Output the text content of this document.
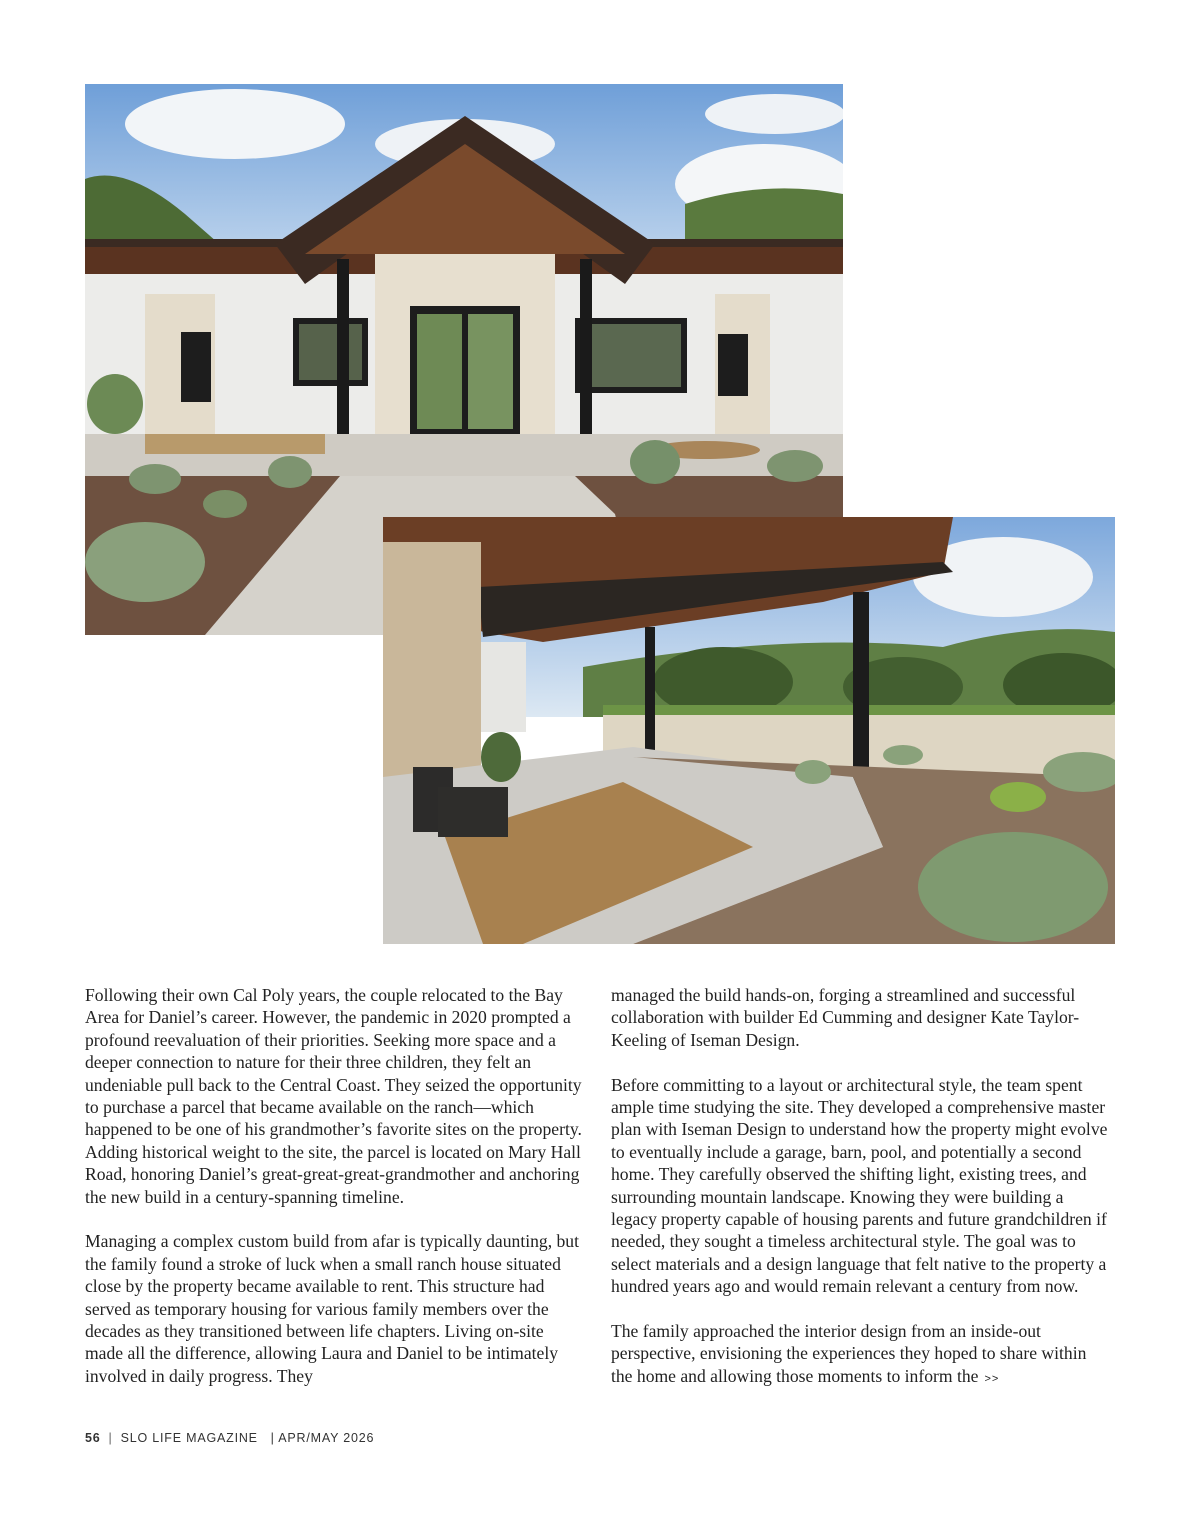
Following their own Cal Poly years, the couple relocated to the Bay Area for Daniel’s career. However, the pandemic in 2020 prompted a profound reevaluation of their priorities. Seeking more space and a deeper connection to nature for their three children, they felt an undeniable pull back to the Central Coast. They seized the opportunity to purchase a parcel that became available on the ranch—which happened to be one of his grandmother’s favorite sites on the property. Adding historical weight to the site, the parcel is located on Mary Hall Road, honoring Daniel’s great-great-great-grandmother and anchoring the new build in a century-spanning timeline.

Managing a complex custom build from afar is typically daunting, but the family found a stroke of luck when a small ranch house situated close by the property became available to rent. This structure had served as temporary housing for various family members over the decades as they transitioned between life chapters. Living on-site made all the difference, allowing Laura and Daniel to be intimately involved in daily progress. They

managed the build hands-on, forging a streamlined and successful collaboration with builder Ed Cumming and designer Kate Taylor-Keeling of Iseman Design.

Before committing to a layout or architectural style, the team spent ample time studying the site. They developed a comprehensive master plan with Iseman Design to understand how the property might evolve to eventually include a garage, barn, pool, and potentially a second home. They carefully observed the shifting light, existing trees, and surrounding mountain landscape. Knowing they were building a legacy property capable of housing parents and future grandchildren if needed, they sought a timeless architectural style. The goal was to select materials and a design language that felt native to the property a hundred years ago and would remain relevant a century from now.

The family approached the interior design from an inside-out perspective, envisioning the experiences they hoped to share within the home and allowing those moments to inform the >>

56 | SLO LIFE MAGAZINE | APR/MAY 2026
